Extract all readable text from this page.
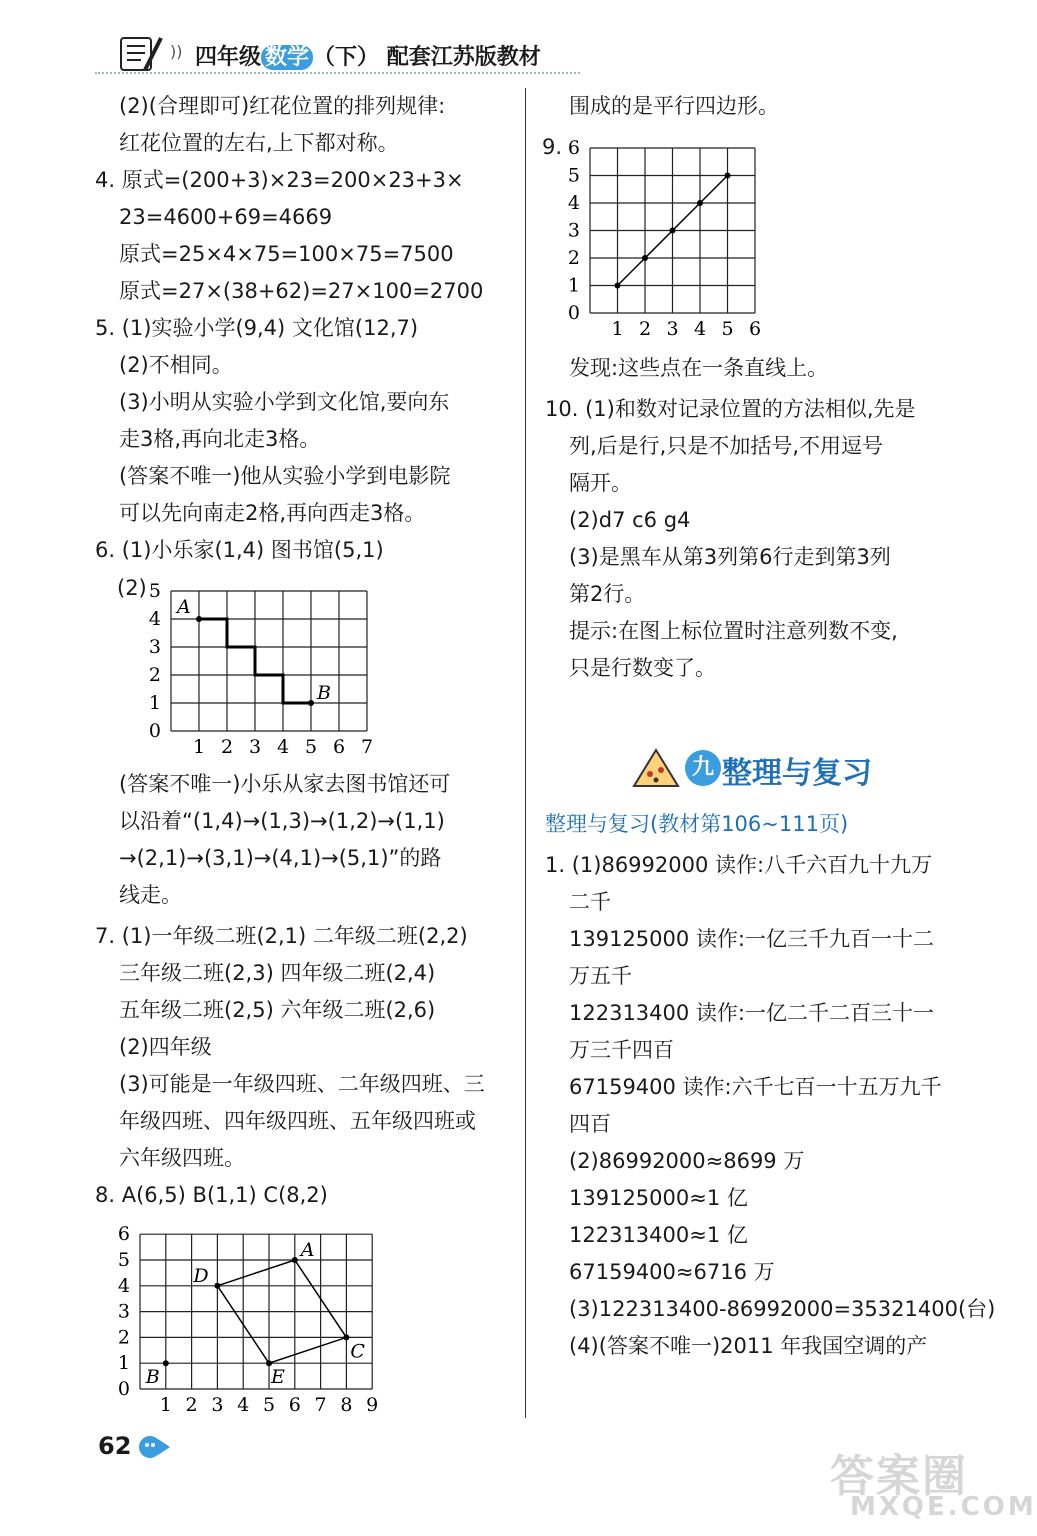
)) 四年级 数学 （下） 配套江苏版教材

(2)(合理即可)红花位置的排列规律:

红花位置的左右,上下都对称。

4. 原式=(200+3)×23=200×23+3×

23=4600+69=4669

原式=25×4×75=100×75=7500

原式=27×(38+62)=27×100=2700

5. (1)实验小学(9,4) 文化馆(12,7)

(2)不相同。

(3)小明从实验小学到文化馆,要向东

走3格,再向北走3格。

(答案不唯一)他从实验小学到电影院

可以先向南走2格,再向西走3格。

6. (1)小乐家(1,4) 图书馆(5,1)

(2)
1 2 3 4 5 6 7
0
1
2
3
4
5
A
B

(答案不唯一)小乐从家去图书馆还可

以沿着“(1,4)→(1,3)→(1,2)→(1,1)

→(2,1)→(3,1)→(4,1)→(5,1)”的路

线走。

7. (1)一年级二班(2,1) 二年级二班(2,2)

三年级二班(2,3) 四年级二班(2,4)

五年级二班(2,5) 六年级二班(2,6)

(2)四年级

(3)可能是一年级四班、二年级四班、三

年级四班、四年级四班、五年级四班或

六年级四班。

8. A(6,5) B(1,1) C(8,2)

1 2 3 4 5 6 7 8 9
0
1
2
3
4
5
6
A
B
C
D
E

围成的是平行四边形。

9.
1 2 3 4 5 6
0
1
2
3
4
5
6

发现:这些点在一条直线上。

10. (1)和数对记录位置的方法相似,先是

列,后是行,只是不加括号,不用逗号

隔开。

(2)d7 c6 g4

(3)是黑车从第3列第6行走到第3列

第2行。

提示:在图上标位置时注意列数不变,

只是行数变了。

九 整理与复习

整理与复习(教材第106~111页)

1. (1)86992000 读作:八千六百九十九万

二千

139125000 读作:一亿三千九百一十二

万五千

122313400 读作:一亿二千二百三十一

万三千四百

67159400 读作:六千七百一十五万九千

四百

(2)86992000≈8699 万

139125000≈1 亿

122313400≈1 亿

67159400≈6716 万

(3)122313400-86992000=35321400(台)

(4)(答案不唯一)2011 年我国空调的产

62
答案圈
MXQE.COM
